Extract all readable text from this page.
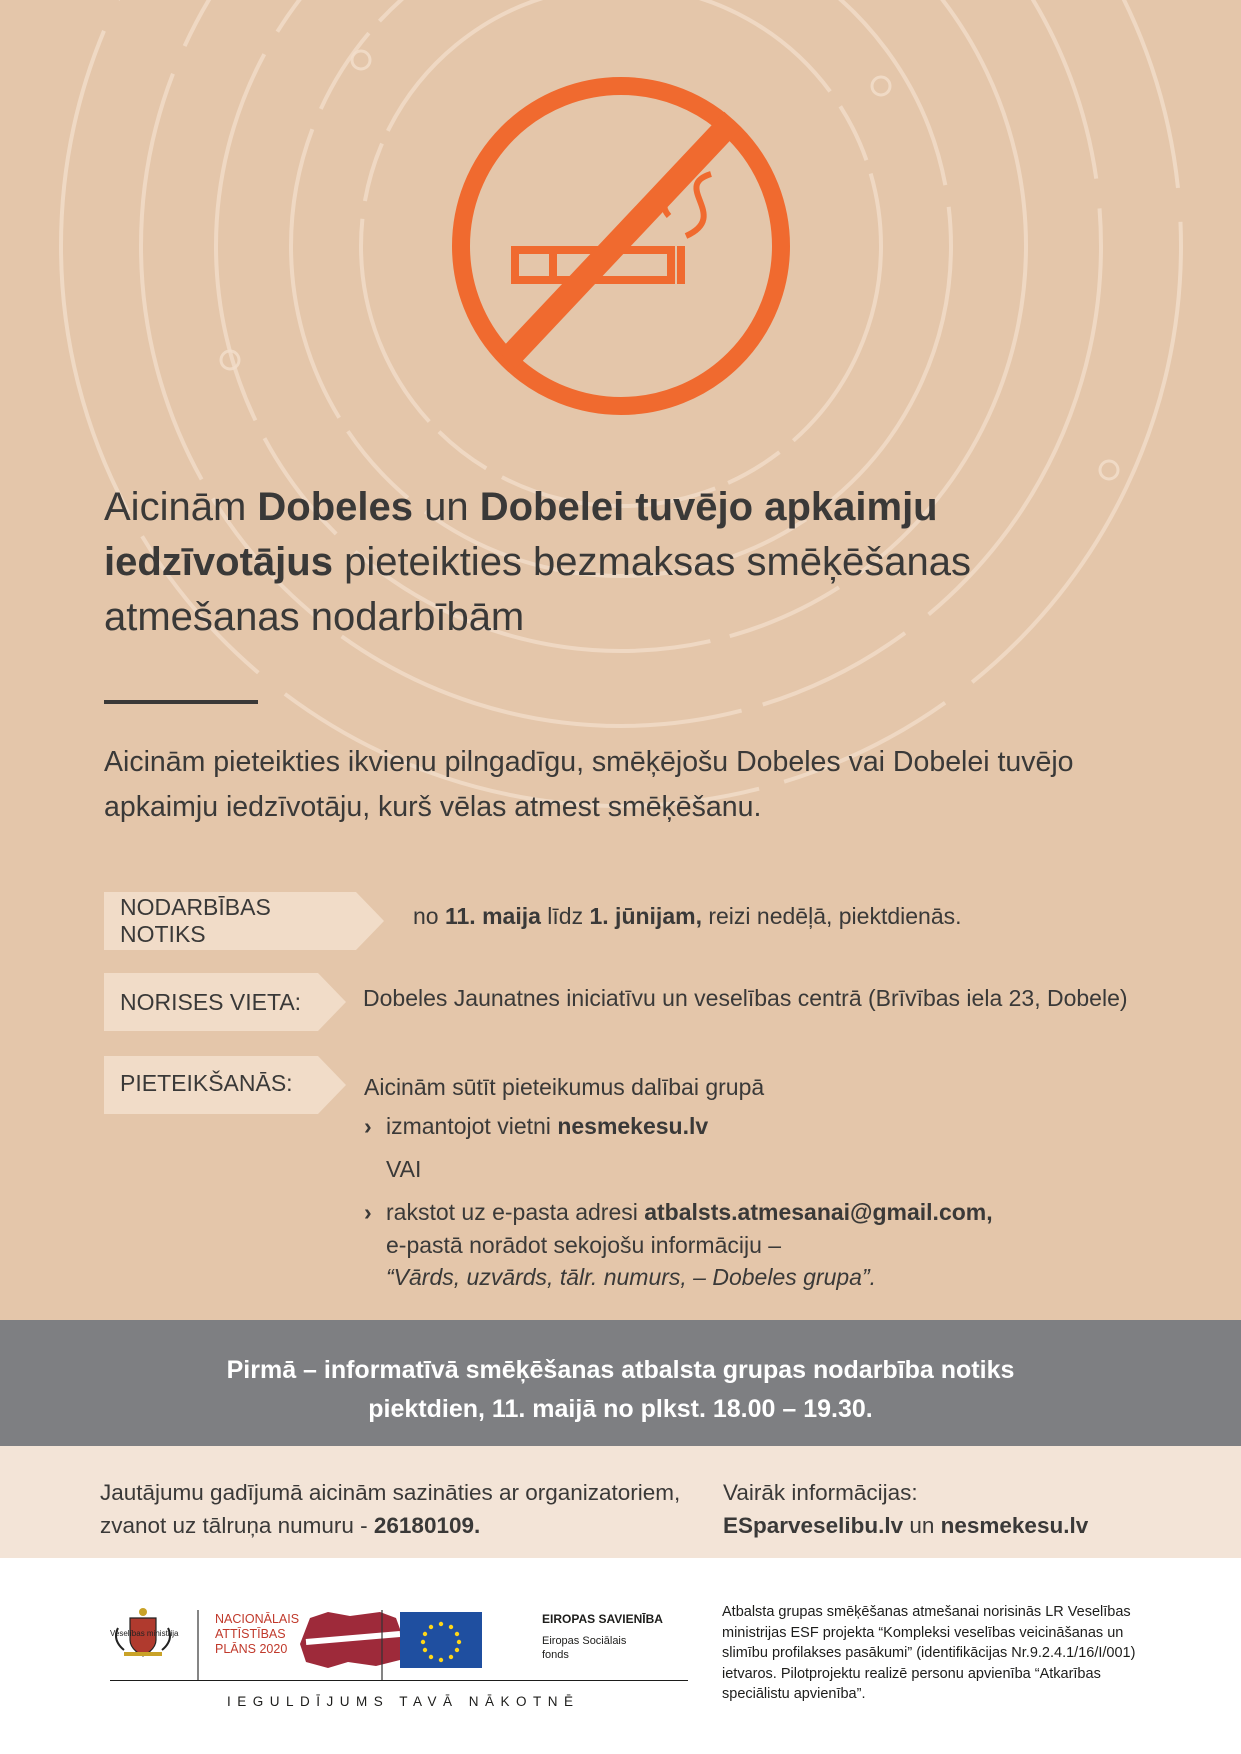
Aicinām Dobeles un Dobelei tuvējo apkaimju iedzīvotājus pieteikties bezmaksas smēķēšanas atmešanas nodarbībām

Aicinām pieteikties ikvienu pilngadīgu, smēķējošu Dobeles vai Dobelei tuvējo apkaimju iedzīvotāju, kurš vēlas atmest smēķēšanu.

NODARBĪBAS NOTIKS
no 11. maija līdz 1. jūnijam, reizi nedēļā, piektdienās.
NORISES VIETA:	Dobeles Jaunatnes iniciatīvu un veselības centrā (Brīvības iela 23, Dobele)
PIETEIKŠANĀS:	Aicinām sūtīt pieteikumus dalībai grupā
› izmantojot vietni nesmekesu.lv
VAI
› rakstot uz e-pasta adresi atbalsts.atmesanai@gmail.com,
e-pastā norādot sekojošu informāciju –
“Vārds, uzvārds, tālr. numurs, – Dobeles grupa”.
Pirmā – informatīvā smēķēšanas atbalsta grupas nodarbība notiks
piektdien, 11. maijā no plkst. 18.00 – 19.30.
Jautājumu gadījumā aicinām sazināties ar organizatoriem,
zvanot uz tālruņa numuru - 26180109.
Vairāk informācijas:
ESparveselibu.lv un nesmekesu.lv
Veselības ministrija
NACIONĀLAIS
ATTĪSTĪBAS
PLĀNS 2020
EIROPAS SAVIENĪBA
Eiropas Sociālais fonds
IEGULDĪJUMS TAVĀ NĀKOTNĒ
Atbalsta grupas smēķēšanas atmešanai norisinās LR Veselības ministrijas ESF projekta “Kompleksi veselības veicināšanas un slimību profilakses pasākumi” (identifikācijas Nr.9.2.4.1/16/I/001) ietvaros. Pilotprojektu realizē personu apvienība “Atkarības speciālistu apvienība”.
